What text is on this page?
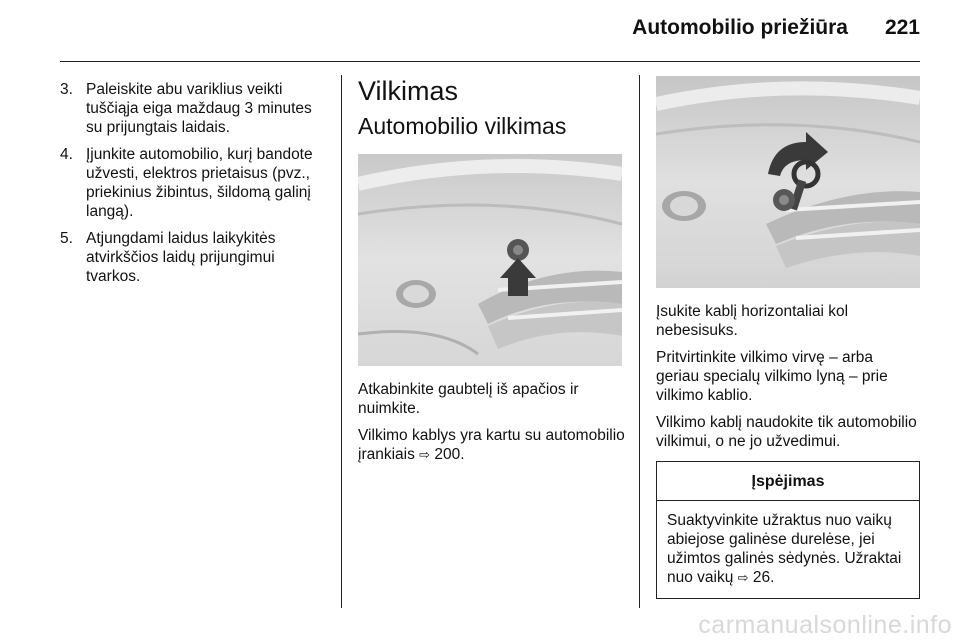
Automobilio priežiūra 221
3. Paleiskite abu variklius veikti tuščiąja eiga maždaug 3 minutes su prijungtais laidais.
4. Įjunkite automobilio, kurį bandote užvesti, elektros prietaisus (pvz., priekinius žibintus, šildomą galinį langą).
5. Atjungdami laidus laikykitės atvirkščios laidų prijungimui tvarkos.
Vilkimas
Automobilio vilkimas

Atkabinkite gaubtelį iš apačios ir nuimkite.

Vilkimo kablys yra kartu su automobilio įrankiais ⇨ 200.

Įsukite kablį horizontaliai kol nebesisuks.

Pritvirtinkite vilkimo virvę – arba geriau specialų vilkimo lyną – prie vilkimo kablio.

Vilkimo kablį naudokite tik automobilio vilkimui, o ne jo užvedimui.

Įspėjimas
Suaktyvinkite užraktus nuo vaikų abiejose galinėse durelėse, jei užimtos galinės sėdynės. Užraktai nuo vaikų ⇨ 26.
carmanualsonline.info
